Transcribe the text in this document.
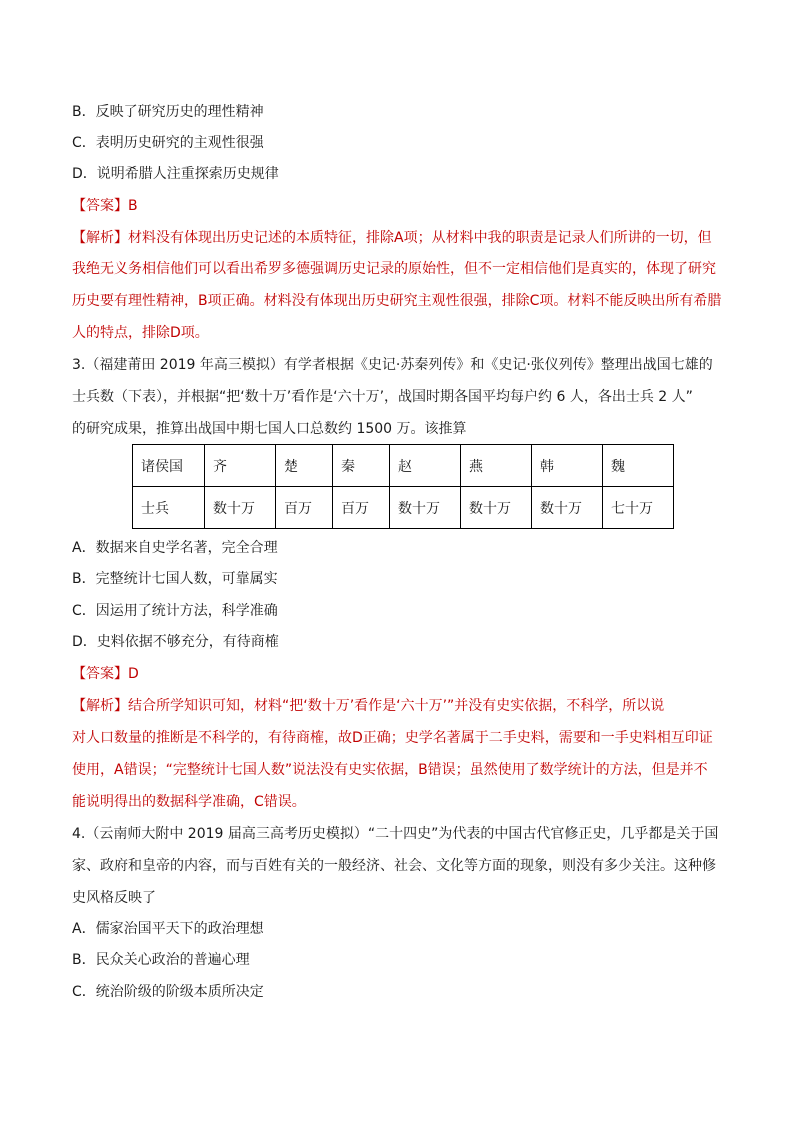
B．反映了研究历史的理性精神
C．表明历史研究的主观性很强
D．说明希腊人注重探索历史规律
【答案】B
【解析】材料没有体现出历史记述的本质特征，排除A项；从材料中我的职责是记录人们所讲的一切，但
我绝无义务相信他们可以看出希罗多德强调历史记录的原始性，但不一定相信他们是真实的，体现了研究
历史要有理性精神，B项正确。材料没有体现出历史研究主观性很强，排除C项。材料不能反映出所有希腊
人的特点，排除D项。
3.（福建莆田 2019 年高三模拟）有学者根据《史记·苏秦列传》和《史记·张仪列传》整理出战国七雄的
士兵数（下表），并根据“把‘数十万’看作是‘六十万’，战国时期各国平均每户约 6 人，各出士兵 2 人”
的研究成果，推算出战国中期七国人口总数约 1500 万。该推算
诸侯国	齐	楚	秦	赵	燕	韩	魏
士兵	数十万	百万	百万	数十万	数十万	数十万	七十万
A．数据来自史学名著，完全合理
B．完整统计七国人数，可靠属实
C．因运用了统计方法，科学准确
D．史料依据不够充分，有待商榷
【答案】D
【解析】结合所学知识可知，材料“把‘数十万’看作是‘六十万’”并没有史实依据，不科学，所以说
对人口数量的推断是不科学的，有待商榷，故D正确；史学名著属于二手史料，需要和一手史料相互印证
使用，A错误；“完整统计七国人数”说法没有史实依据，B错误；虽然使用了数学统计的方法，但是并不
能说明得出的数据科学准确，C错误。
4.（云南师大附中 2019 届高三高考历史模拟）“二十四史”为代表的中国古代官修正史，几乎都是关于国
家、政府和皇帝的内容，而与百姓有关的一般经济、社会、文化等方面的现象，则没有多少关注。这种修
史风格反映了
A．儒家治国平天下的政治理想
B．民众关心政治的普遍心理
C．统治阶级的阶级本质所决定
